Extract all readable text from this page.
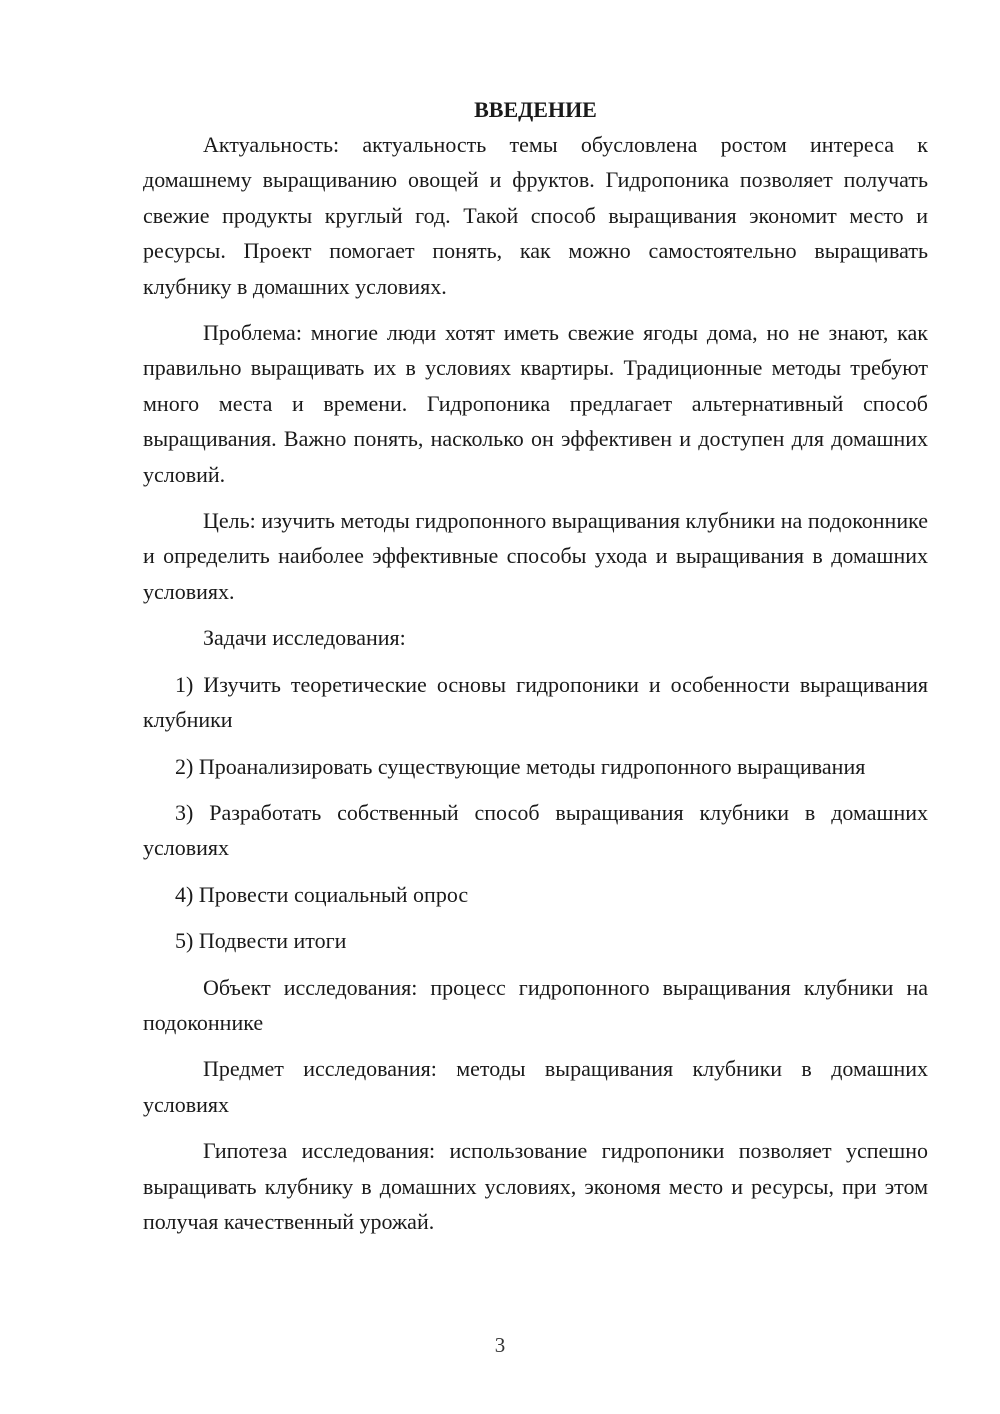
ВВЕДЕНИЕ

Актуальность: актуальность темы обусловлена ростом интереса к домашнему выращиванию овощей и фруктов. Гидропоника позволяет получать свежие продукты круглый год. Такой способ выращивания экономит место и ресурсы. Проект помогает понять, как можно самостоятельно выращивать клубнику в домашних условиях.

Проблема: многие люди хотят иметь свежие ягоды дома, но не знают, как правильно выращивать их в условиях квартиры. Традиционные методы требуют много места и времени. Гидропоника предлагает альтернативный способ выращивания. Важно понять, насколько он эффективен и доступен для домашних условий.

Цель: изучить методы гидропонного выращивания клубники на подоконнике и определить наиболее эффективные способы ухода и выращивания в домашних условиях.

Задачи исследования:

1) Изучить теоретические основы гидропоники и особенности выращивания клубники

2) Проанализировать существующие методы гидропонного выращивания

3) Разработать собственный способ выращивания клубники в домашних условиях

4) Провести социальный опрос

5) Подвести итоги

Объект исследования: процесс гидропонного выращивания клубники на подоконнике

Предмет исследования: методы выращивания клубники в домашних условиях

Гипотеза исследования: использование гидропоники позволяет успешно выращивать клубнику в домашних условиях, экономя место и ресурсы, при этом получая качественный урожай.

3
